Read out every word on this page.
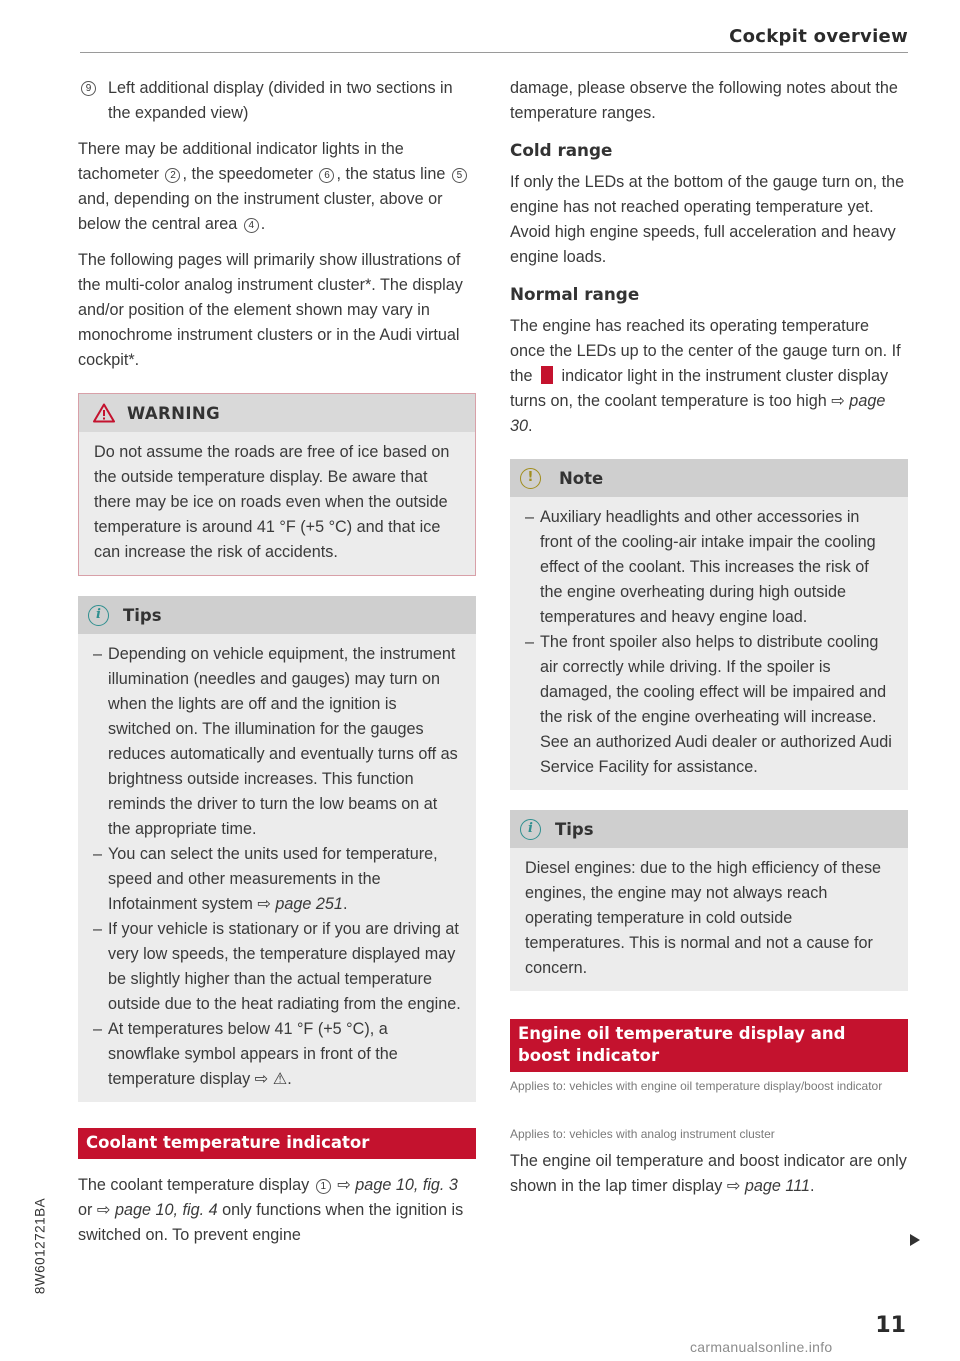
Cockpit overview
9 Left additional display (divided in two sections in the expanded view)

There may be additional indicator lights in the tachometer 2 , the speedometer 6 , the status line 5 and, depending on the instrument cluster, above or below the central area 4 .

The following pages will primarily show illustrations of the multi-color analog instrument cluster*. The display and/or position of the element shown may vary in monochrome instrument clusters or in the Audi virtual cockpit*.

WARNING
Do not assume the roads are free of ice based on the outside temperature display. Be aware that there may be ice on roads even when the outside temperature is around 41 °F (+5 °C) and that ice can increase the risk of accidents.
i	Tips
– Depending on vehicle equipment, the instrument illumination (needles and gauges) may turn on when the lights are off and the ignition is switched on. The illumination for the gauges reduces automatically and eventually turns off as brightness outside increases. This function reminds the driver to turn the low beams on at the appropriate time.
– You can select the units used for temperature, speed and other measurements in the Infotainment system ⇨ page 251.
– If your vehicle is stationary or if you are driving at very low speeds, the temperature displayed may be slightly higher than the actual temperature outside due to the heat radiating from the engine.
– At temperatures below 41 °F (+5 °C), a snowflake symbol appears in front of the temperature display ⇨ ⚠.
Coolant temperature indicator

The coolant temperature display 1 ⇨ page 10, fig. 3 or ⇨ page 10, fig. 4 only functions when the ignition is switched on. To prevent engine

damage, please observe the following notes about the temperature ranges.

Cold range

If only the LEDs at the bottom of the gauge turn on, the engine has not reached operating temperature yet. Avoid high engine speeds, full acceleration and heavy engine loads.

Normal range

The engine has reached its operating temperature once the LEDs up to the center of the gauge turn on. If the  indicator light in the instrument cluster display turns on, the coolant temperature is too high ⇨ page 30.

!	Note
– Auxiliary headlights and other accessories in front of the cooling-air intake impair the cooling effect of the coolant. This increases the risk of the engine overheating during high outside temperatures and heavy engine load.
– The front spoiler also helps to distribute cooling air correctly while driving. If the spoiler is damaged, the cooling effect will be impaired and the risk of the engine overheating will increase. See an authorized Audi dealer or authorized Audi Service Facility for assistance.
i	Tips
Diesel engines: due to the high efficiency of these engines, the engine may not always reach operating temperature in cold outside temperatures. This is normal and not a cause for concern.
Engine oil temperature display and boost indicator
Applies to: vehicles with engine oil temperature display/boost indicator
Applies to: vehicles with analog instrument cluster

The engine oil temperature and boost indicator are only shown in the lap timer display ⇨ page 111.

8W6012721BA
11
carmanualsonline.info
